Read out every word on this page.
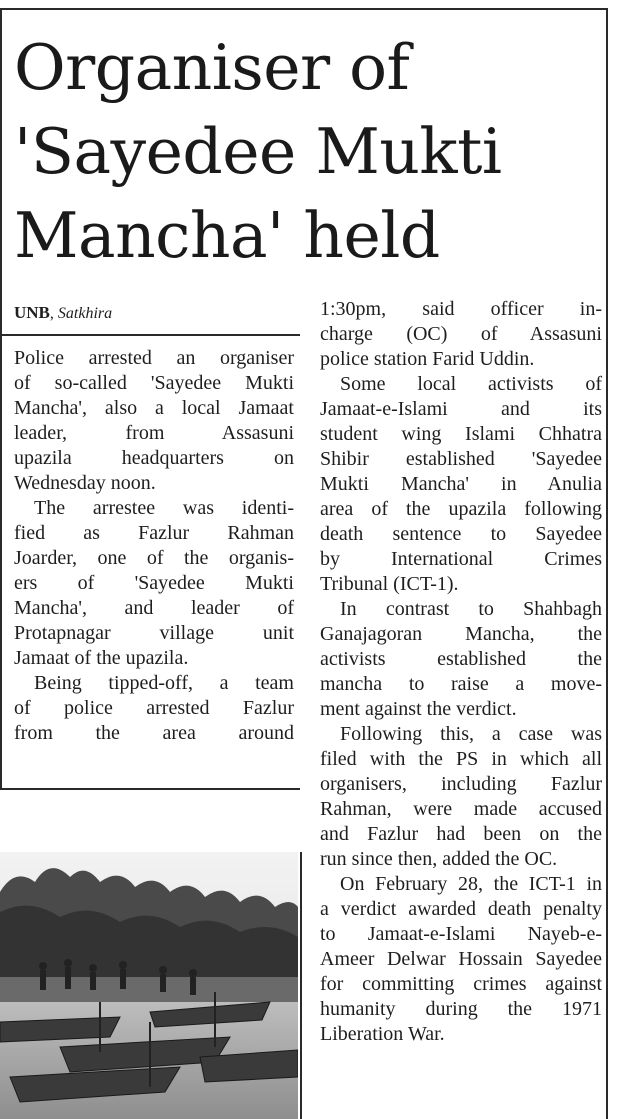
Organiser of
'Sayedee Mukti
Mancha' held
UNB, Satkhira
Police arrested an organiser
of so-called 'Sayedee Mukti
Mancha', also a local Jamaat
leader, from Assasuni
upazila headquarters on
Wednesday noon.
The arrestee was identi-
fied as Fazlur Rahman
Joarder, one of the organis-
ers of 'Sayedee Mukti
Mancha', and leader of
Protapnagar village unit
Jamaat of the upazila.
Being tipped-off, a team
of police arrested Fazlur
from the area around
1:30pm, said officer in-
charge (OC) of Assasuni
police station Farid Uddin.
Some local activists of
Jamaat-e-Islami and its
student wing Islami Chhatra
Shibir established 'Sayedee
Mukti Mancha' in Anulia
area of the upazila following
death sentence to Sayedee
by International Crimes
Tribunal (ICT-1).
In contrast to Shahbagh
Ganajagoran Mancha, the
activists established the
mancha to raise a move-
ment against the verdict.
Following this, a case was
filed with the PS in which all
organisers, including Fazlur
Rahman, were made accused
and Fazlur had been on the
run since then, added the OC.
On February 28, the ICT-1 in
a verdict awarded death penalty
to Jamaat-e-Islami Nayeb-e-
Ameer Delwar Hossain Sayedee
for committing crimes against
humanity during the 1971
Liberation War.
